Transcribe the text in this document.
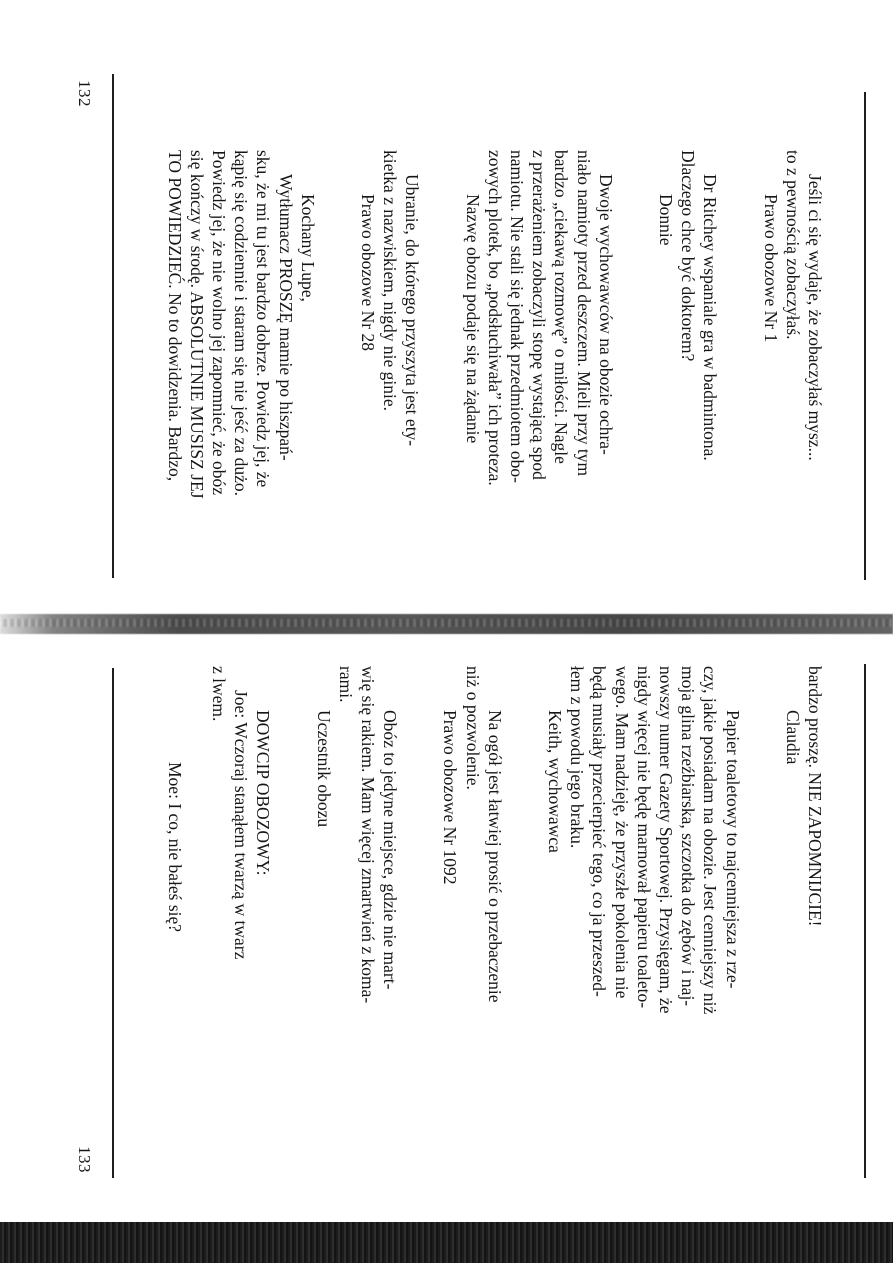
132
133

Jeśli ci się wydaje, że zobaczyłaś mysz...
to z pewnością zobaczyłaś.

Prawo obozowe Nr 1

Dr Ritchey wspaniale gra w badmintona.
Dlaczego chce być doktorem?

Donnie

Dwoje wychowawców na obozie ochra-
niało namioty przed deszczem. Mieli przy tym
bardzo „ciekawą rozmowę” o miłości. Nagle
z przerażeniem zobaczyli stopę wystającą spod
namiotu. Nie stali się jednak przedmiotem obo-
zowych plotek, bo „podsłuchiwała” ich proteza.

Nazwę obozu podaje się na żądanie

Ubranie, do którego przyszyta jest ety-
kietka z nazwiskiem, nigdy nie ginie.

Prawo obozowe Nr 28

Kochany Lupe,
Wytłumacz PROSZĘ mamie po hiszpań-
sku, że mi tu jest bardzo dobrze. Powiedz jej, że
kąpię się codziennie i staram się nie jeść za dużo.
Powiedz jej, że nie wolno jej zapomnieć, że obóz
się kończy w środę. ABSOLUTNIE MUSISZ JEJ
TO POWIEDZIEĆ. No to dowidzenia. Bardzo,

bardzo proszę. NIE ZAPOMNIJCIE!

Claudia

Papier toaletowy to najcenniejsza z rze-
czy, jakie posiadam na obozie. Jest cenniejszy niż
moja glina rzeźbiarska, szczotka do zębów i naj-
nowszy numer Gazety Sportowej. Przysięgam, że
nigdy więcej nie będę marnował papieru toaleto-
wego. Mam nadzieję, że przyszłe pokolenia nie
będą musiały przecierpieć tego, co ja przeszed-
łem z powodu jego braku.

Keith, wychowawca

Na ogół jest łatwiej prosić o przebaczenie
niż o pozwolenie.

Prawo obozowe Nr 1092

Obóz to jedyne miejsce, gdzie nie mart-
wię się rakiem. Mam więcej zmartwień z koma-
rami.

Uczestnik obozu

DOWCIP OBOZOWY:
Joe: Wczoraj stanąłem twarzą w twarz
z lwem.

Moe: I co, nie bałeś się?
